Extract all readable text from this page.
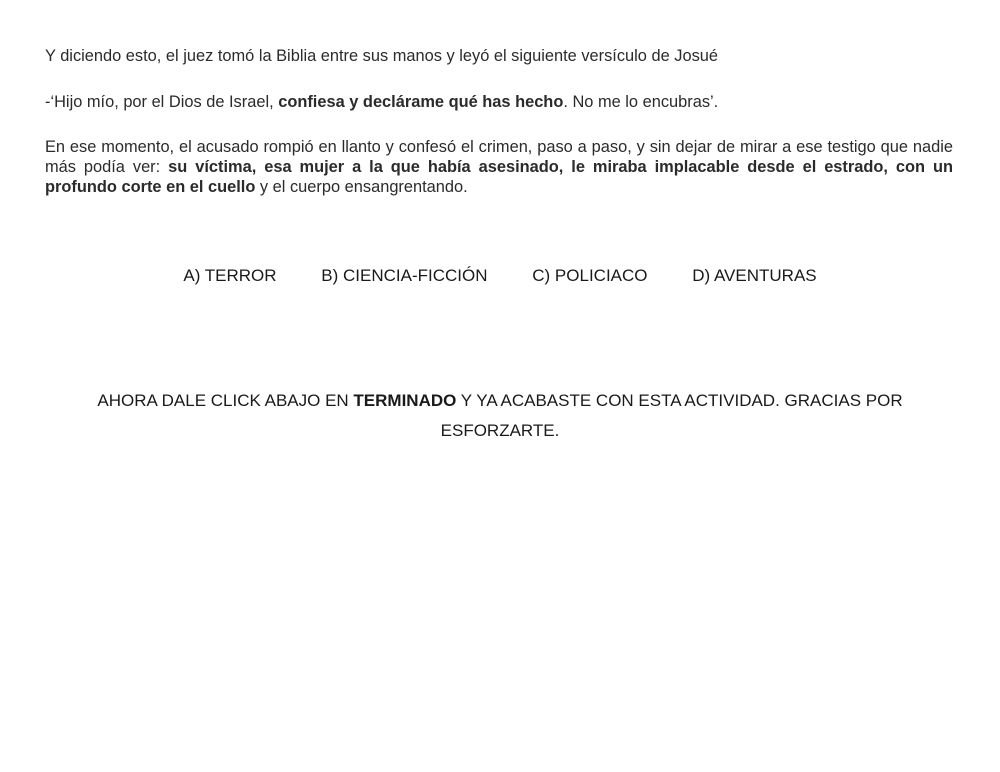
Y diciendo esto, el juez tomó la Biblia entre sus manos y leyó el siguiente versículo de Josué

-‘Hijo mío, por el Dios de Israel, confiesa y declárame qué has hecho. No me lo encubras’.

En ese momento, el acusado rompió en llanto y confesó el crimen, paso a paso, y sin dejar de mirar a ese testigo que nadie más podía ver: su víctima, esa mujer a la que había asesinado, le miraba implacable desde el estrado, con un profundo corte en el cuello y el cuerpo ensangrentando.

A) TERROR	B) CIENCIA-FICCIÓN	C) POLICIACO	D) AVENTURAS

AHORA DALE CLICK ABAJO EN TERMINADO Y YA ACABASTE CON ESTA ACTIVIDAD. GRACIAS POR ESFORZARTE.
